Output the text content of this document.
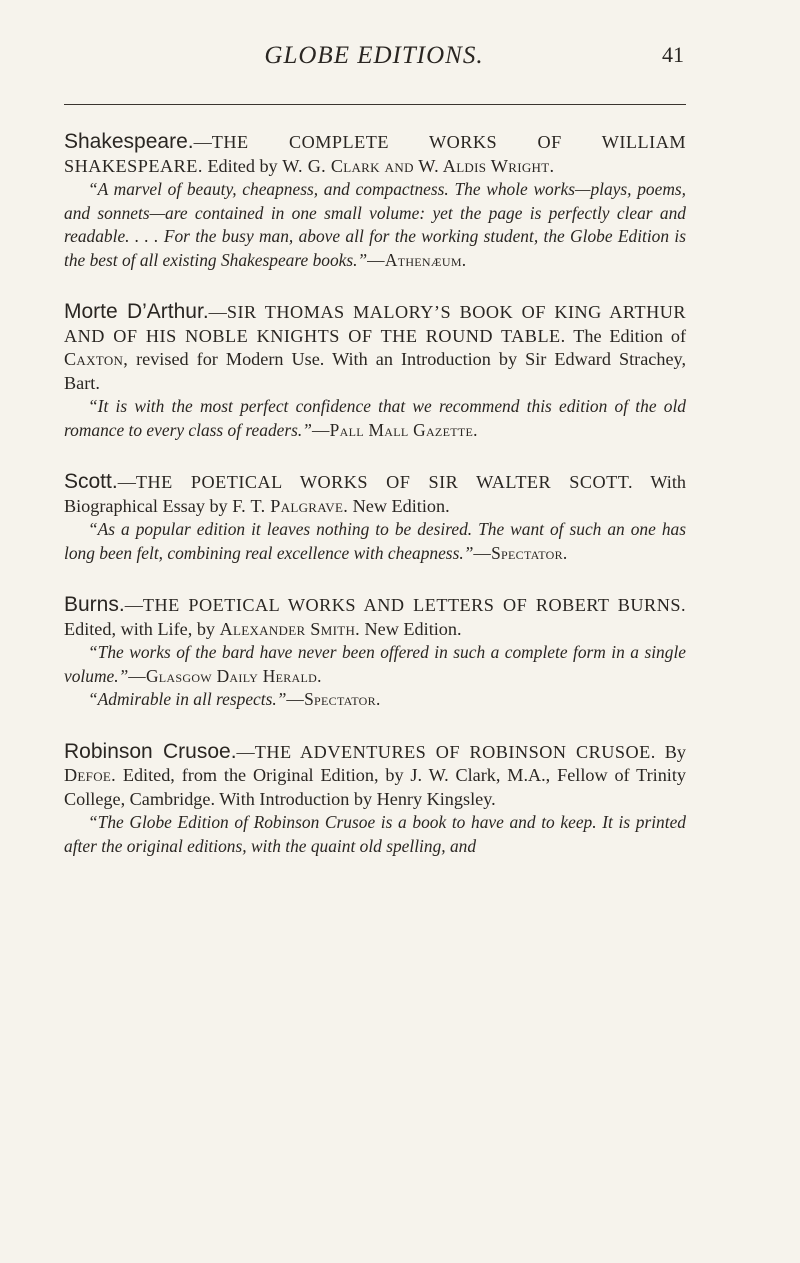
GLOBE EDITIONS.	41

Shakespeare.—THE COMPLETE WORKS OF WILLIAM SHAKESPEARE. Edited by W. G. Clark and W. Aldis Wright.

“A marvel of beauty, cheapness, and compactness. The whole works—plays, poems, and sonnets—are contained in one small volume: yet the page is perfectly clear and readable. . . . For the busy man, above all for the working student, the Globe Edition is the best of all existing Shakespeare books.”—Athenæum.

Morte D’Arthur.—SIR THOMAS MALORY’S BOOK OF KING ARTHUR AND OF HIS NOBLE KNIGHTS OF THE ROUND TABLE. The Edition of Caxton, revised for Modern Use. With an Introduction by Sir Edward Strachey, Bart.

“It is with the most perfect confidence that we recommend this edition of the old romance to every class of readers.”—Pall Mall Gazette.

Scott.—THE POETICAL WORKS OF SIR WALTER SCOTT. With Biographical Essay by F. T. Palgrave. New Edition.

“As a popular edition it leaves nothing to be desired. The want of such an one has long been felt, combining real excellence with cheapness.”—Spectator.

Burns.—THE POETICAL WORKS AND LETTERS OF ROBERT BURNS. Edited, with Life, by Alexander Smith. New Edition.

“The works of the bard have never been offered in such a complete form in a single volume.”—Glasgow Daily Herald.

“Admirable in all respects.”—Spectator.

Robinson Crusoe.—THE ADVENTURES OF ROBINSON CRUSOE. By Defoe. Edited, from the Original Edition, by J. W. Clark, M.A., Fellow of Trinity College, Cambridge. With Introduction by Henry Kingsley.

“The Globe Edition of Robinson Crusoe is a book to have and to keep. It is printed after the original editions, with the quaint old spelling, and
